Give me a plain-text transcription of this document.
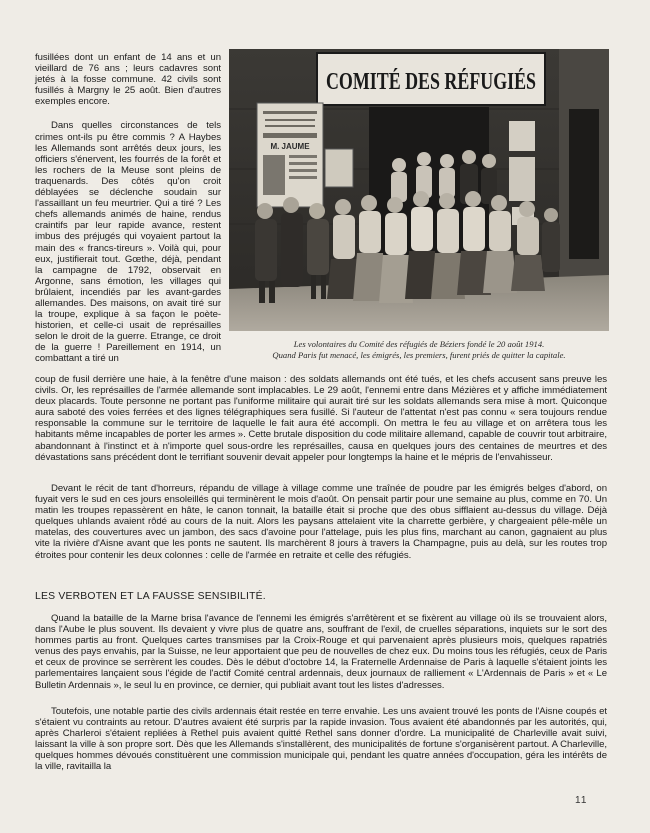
fusillées dont un enfant de 14 ans et un vieillard de 76 ans ; leurs cadavres sont jetés à la fosse commune. 42 civils sont fusillés à Margny le 25 août. Bien d'autres exemples encore.

Dans quelles circonstances de tels crimes ont-ils pu être commis ? A Haybes les Allemands sont arrêtés deux jours, les officiers s'énervent, les fourrés de la forêt et les rochers de la Meuse sont pleins de traquenards. Des côtés qu'on croit déblayées se déclenche soudain sur l'assaillant un feu meurtrier. Qui a tiré ? Les chefs allemands animés de haine, rendus craintifs par leur rapide avance, restent imbus des préjugés qui voyaient partout la main des « francs-tireurs ». Voilà qui, pour eux, justifierait tout. Gœthe, déjà, pendant la campagne de 1792, observait en Argonne, sans émotion, les villages qui brûlaient, incendiés par les avant-gardes allemandes. Des maisons, on avait tiré sur la troupe, explique à sa façon le poète-historien, et celle-ci usait de représailles selon le droit de la guerre. Etrange, ce droit de la guerre ! Pareillement en 1914, un combattant a tiré un

COMITÉ DES RÉFUGIÉS
M. JAUME
Les volontaires du Comité des réfugiés de Béziers fondé le 20 août 1914.
Quand Paris fut menacé, les émigrés, les premiers, furent priés de quitter la capitale.

coup de fusil derrière une haie, à la fenêtre d'une maison : des soldats allemands ont été tués, et les chefs accusent sans preuve les civils. Or, les représailles de l'armée allemande sont implacables. Le 29 août, l'ennemi entre dans Mézières et y affiche immédiatement deux placards. Toute personne ne portant pas l'uniforme militaire qui aurait tiré sur les soldats allemands sera mise à mort. Quiconque aura saboté des voies ferrées et des lignes télégraphiques sera fusillé. Si l'auteur de l'attentat n'est pas connu « sera toujours rendue responsable la commune sur le territoire de laquelle le fait aura été accompli. On mettra le feu au village et on arrêtera tous les habitants même incapables de porter les armes ». Cette brutale disposition du code militaire allemand, capable de couvrir tout arbitraire, abandonnant à l'instinct et à n'importe quel sous-ordre les représailles, causa en quelques jours des centaines de meurtres et des dévastations sans précédent dont le terrifiant souvenir devait appeler pour longtemps la haine et le mépris de l'envahisseur.

Devant le récit de tant d'horreurs, répandu de village à village comme une traînée de poudre par les émigrés belges d'abord, on fuyait vers le sud en ces jours ensoleillés qui terminèrent le mois d'août. On pensait partir pour une semaine au plus, comme en 70. Un matin les troupes repassèrent en hâte, le canon tonnait, la bataille était si proche que des obus sifflaient au-dessus du village. Déjà quelques uhlands avaient rôdé au cours de la nuit. Alors les paysans attelaient vite la charrette gerbière, y chargeaient pêle-mêle un matelas, des couvertures avec un jambon, des sacs d'avoine pour l'attelage, puis les plus fins, marchant au canon, gagnaient au plus vite la rivière d'Aisne avant que les ponts ne sautent. Ils marchèrent 8 jours à travers la Champagne, puis au delà, sur les routes trop étroites pour contenir les deux colonnes : celle de l'armée en retraite et celle des réfugiés.

LES VERBOTEN ET LA FAUSSE SENSIBILITÉ.

Quand la bataille de la Marne brisa l'avance de l'ennemi les émigrés s'arrêtèrent et se fixèrent au village où ils se trouvaient alors, dans l'Aube le plus souvent. Ils devaient y vivre plus de quatre ans, souffrant de l'exil, de cruelles séparations, inquiets sur le sort des hommes partis au front. Quelques cartes transmises par la Croix-Rouge et qui parvenaient après plusieurs mois, quelques rapatriés venus des pays envahis, par la Suisse, ne leur apportaient que peu de nouvelles de chez eux. Du moins tous les réfugiés, ceux de Paris et ceux de province se serrèrent les coudes. Dès le début d'octobre 14, la Fraternelle Ardennaise de Paris à laquelle s'étaient joints les parlementaires lançaient sous l'égide de l'actif Comité central ardennais, deux journaux de ralliement « L'Ardennais de Paris » et « Le Bulletin Ardennais », le seul lu en province, ce dernier, qui publiait avant tout les listes d'adresses.

Toutefois, une notable partie des civils ardennais était restée en terre envahie. Les uns avaient trouvé les ponts de l'Aisne coupés et s'étaient vu contraints au retour. D'autres avaient été surpris par la rapide invasion. Tous avaient été abandonnés par les autorités, qui, après Charleroi s'étaient repliées à Rethel puis avaient quitté Rethel sans donner d'ordre. La municipalité de Charleville avait suivi, laissant la ville à son propre sort. Dès que les Allemands s'installèrent, des municipalités de fortune s'organisèrent partout. A Charleville, quelques hommes dévoués constituèrent une commission municipale qui, pendant les quatre années d'occupation, géra les intérêts de la ville, ravitailla la

11
